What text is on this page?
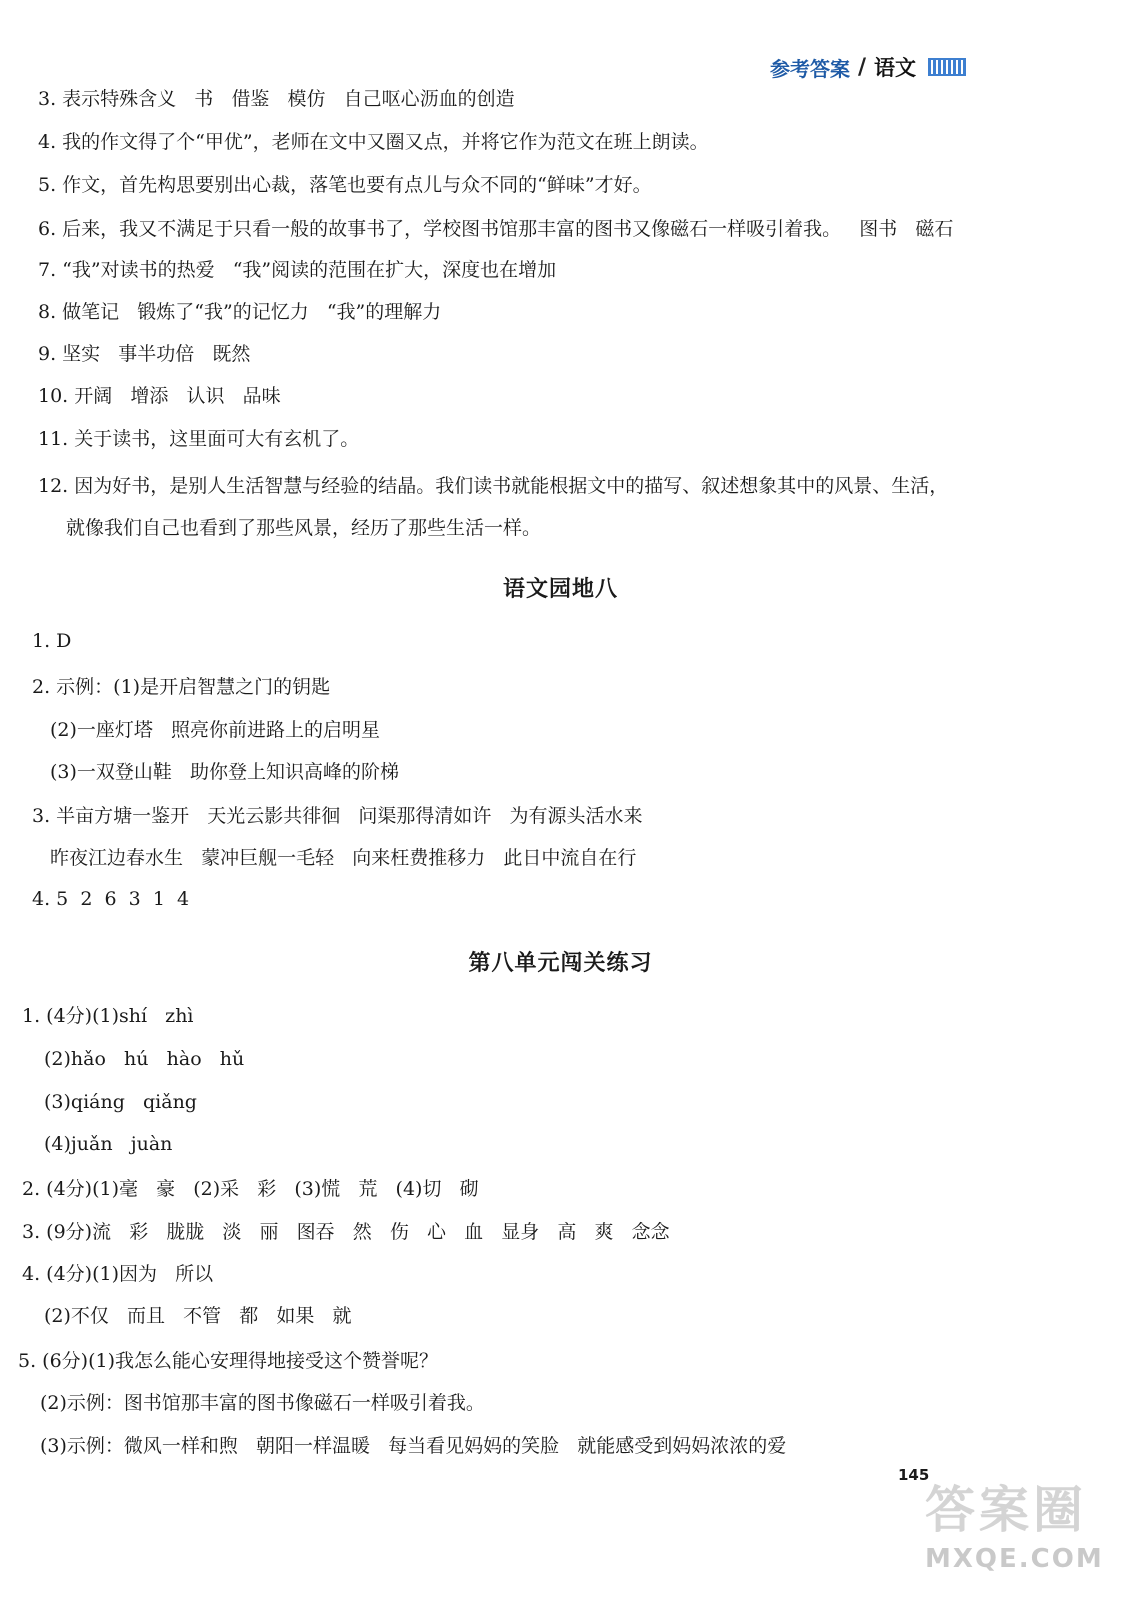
参考答案 / 语文
3. 表示特殊含义   书   借鉴   模仿   自己呕心沥血的创造
4. 我的作文得了个“甲优”，老师在文中又圈又点，并将它作为范文在班上朗读。
5. 作文，首先构思要别出心裁，落笔也要有点儿与众不同的“鲜味”才好。
6. 后来，我又不满足于只看一般的故事书了，学校图书馆那丰富的图书又像磁石一样吸引着我。   图书   磁石
7. “我”对读书的热爱   “我”阅读的范围在扩大，深度也在增加
8. 做笔记   锻炼了“我”的记忆力   “我”的理解力
9. 坚实   事半功倍   既然
10. 开阔   增添   认识   品味
11. 关于读书，这里面可大有玄机了。
12. 因为好书，是别人生活智慧与经验的结晶。我们读书就能根据文中的描写、叙述想象其中的风景、生活，
就像我们自己也看到了那些风景，经历了那些生活一样。
语文园地八
1. D
2. 示例：(1)是开启智慧之门的钥匙
(2)一座灯塔   照亮你前进路上的启明星
(3)一双登山鞋   助你登上知识高峰的阶梯
3. 半亩方塘一鉴开   天光云影共徘徊   问渠那得清如许   为有源头活水来
昨夜江边春水生   蒙冲巨舰一毛轻   向来枉费推移力   此日中流自在行
4. 5  2  6  3  1  4
第八单元闯关练习
1. (4分)(1)shí   zhì
(2)hǎo   hú   hào   hǔ
(3)qiáng   qiǎng
(4)juǎn   juàn
2. (4分)(1)毫   豪   (2)采   彩   (3)慌   荒   (4)切   砌
3. (9分)流   彩   胧胧   淡   丽   图吞   然   伤   心   血   显身   高   爽   念念
4. (4分)(1)因为   所以
(2)不仅   而且   不管   都   如果   就
5. (6分)(1)我怎么能心安理得地接受这个赞誉呢？
(2)示例：图书馆那丰富的图书像磁石一样吸引着我。
(3)示例：微风一样和煦   朝阳一样温暖   每当看见妈妈的笑脸   就能感受到妈妈浓浓的爱
145
答案圈
MXQE.COM
